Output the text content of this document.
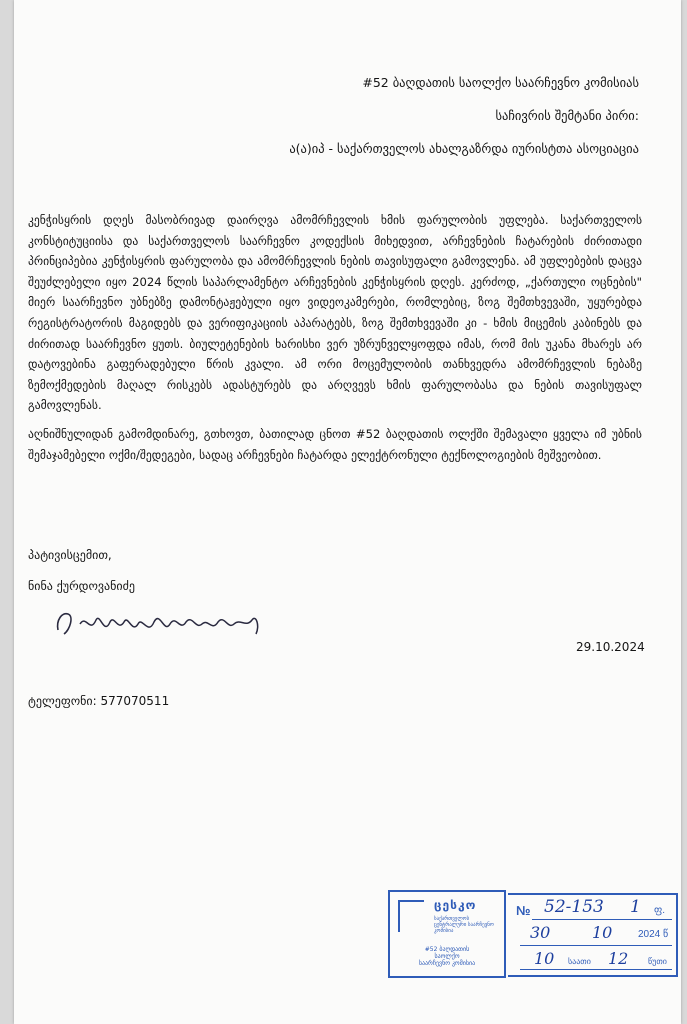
#52 ბაღდათის საოლქო საარჩევნო კომისიას
საჩივრის შემტანი პირი:
ა(ა)იპ - საქართველოს ახალგაზრდა იურისტთა ასოციაცია

კენჭისყრის დღეს მასობრივად დაირღვა ამომრჩევლის ხმის ფარულობის უფლება. საქართველოს კონსტიტუციისა და საქართველოს საარჩევნო კოდექსის მიხედვით, არჩევნების ჩატარების ძირითადი პრინციპებია კენჭისყრის ფარულობა და ამომრჩევლის ნების თავისუფალი გამოვლენა. ამ უფლებების დაცვა შეუძლებელი იყო 2024 წლის საპარლამენტო არჩევნების კენჭისყრის დღეს. კერძოდ, „ქართული ოცნების" მიერ საარჩევნო უბნებზე დამონტაჟებული იყო ვიდეოკამერები, რომლებიც, ზოგ შემთხვევაში, უყურებდა რეგისტრატორის მაგიდებს და ვერიფიკაციის აპარატებს, ზოგ შემთხვევაში კი - ხმის მიცემის კაბინებს და ძირითად საარჩევნო ყუთს. ბიულეტენების ხარისხი ვერ უზრუნველყოფდა იმას, რომ მის უკანა მხარეს არ დატოვებინა გაფერადებული წრის კვალი. ამ ორი მოცემულობის თანხვედრა ამომრჩევლის ნებაზე ზემოქმედების მაღალ რისკებს ადასტურებს და არღვევს ხმის ფარულობასა და ნების თავისუფალ გამოვლენას.

აღნიშნულიდან გამომდინარე, გთხოვთ, ბათილად ცნოთ #52 ბაღდათის ოლქში შემავალი ყველა იმ უბნის შემაჯამებელი ოქმი/შედეგები, სადაც არჩევნები ჩატარდა ელექტრონული ტექნოლოგიების მეშვეობით.

პატივისცემით,
ნინა ქურდოვანიძე
29.10.2024
ტელეფონი: 577070511
ცესკო
საქართველოს ცენტრალური საარჩევნო კომისია
#52 ბაღდათის
საოლქო
საარჩევნო კომისია
№ 52-153 1 ფ.
30	10	2024 წ
10 საათი 12 წუთი
